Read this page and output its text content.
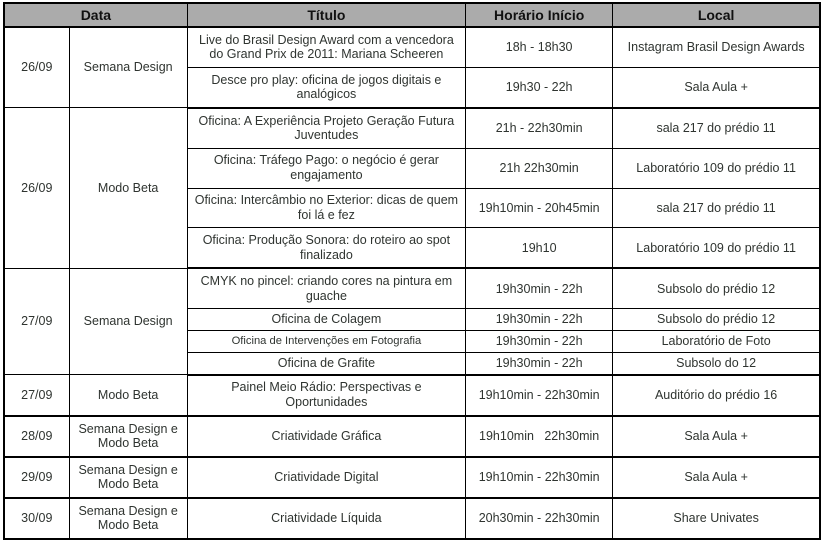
Data		Título	Horário Início	Local
26/09	Semana Design	Live do Brasil Design Award com a vencedora do Grand Prix de 2011: Mariana Scheeren	18h - 18h30	Instagram Brasil Design Awards
		Desce pro play: oficina de jogos digitais e analógicos	19h30 - 22h	Sala Aula +
26/09	Modo Beta	Oficina: A Experiência Projeto Geração Futura Juventudes	21h - 22h30min	sala 217 do prédio 11
		Oficina: Tráfego Pago: o negócio é gerar engajamento	21h 22h30min	Laboratório 109 do prédio 11
		Oficina: Intercâmbio no Exterior: dicas de quem foi lá e fez	19h10min - 20h45min	sala 217 do prédio 11
		Oficina: Produção Sonora: do roteiro ao spot finalizado	19h10	Laboratório 109 do prédio 11
27/09	Semana Design	CMYK no pincel: criando cores na pintura em guache	19h30min - 22h	Subsolo do prédio 12
		Oficina de Colagem	19h30min - 22h	Subsolo do prédio 12
		Oficina de Intervenções em Fotografia	19h30min - 22h	Laboratório de Foto
		Oficina de Grafite	19h30min - 22h	Subsolo do 12
27/09	Modo Beta	Painel Meio Rádio: Perspectivas e Oportunidades	19h10min - 22h30min	Auditório do prédio 16
28/09	Semana Design e Modo Beta	Criatividade Gráfica	19h10min   22h30min	Sala Aula +
29/09	Semana Design e Modo Beta	Criatividade Digital	19h10min - 22h30min	Sala Aula +
30/09	Semana Design e Modo Beta	Criatividade Líquida	20h30min - 22h30min	Share Univates
